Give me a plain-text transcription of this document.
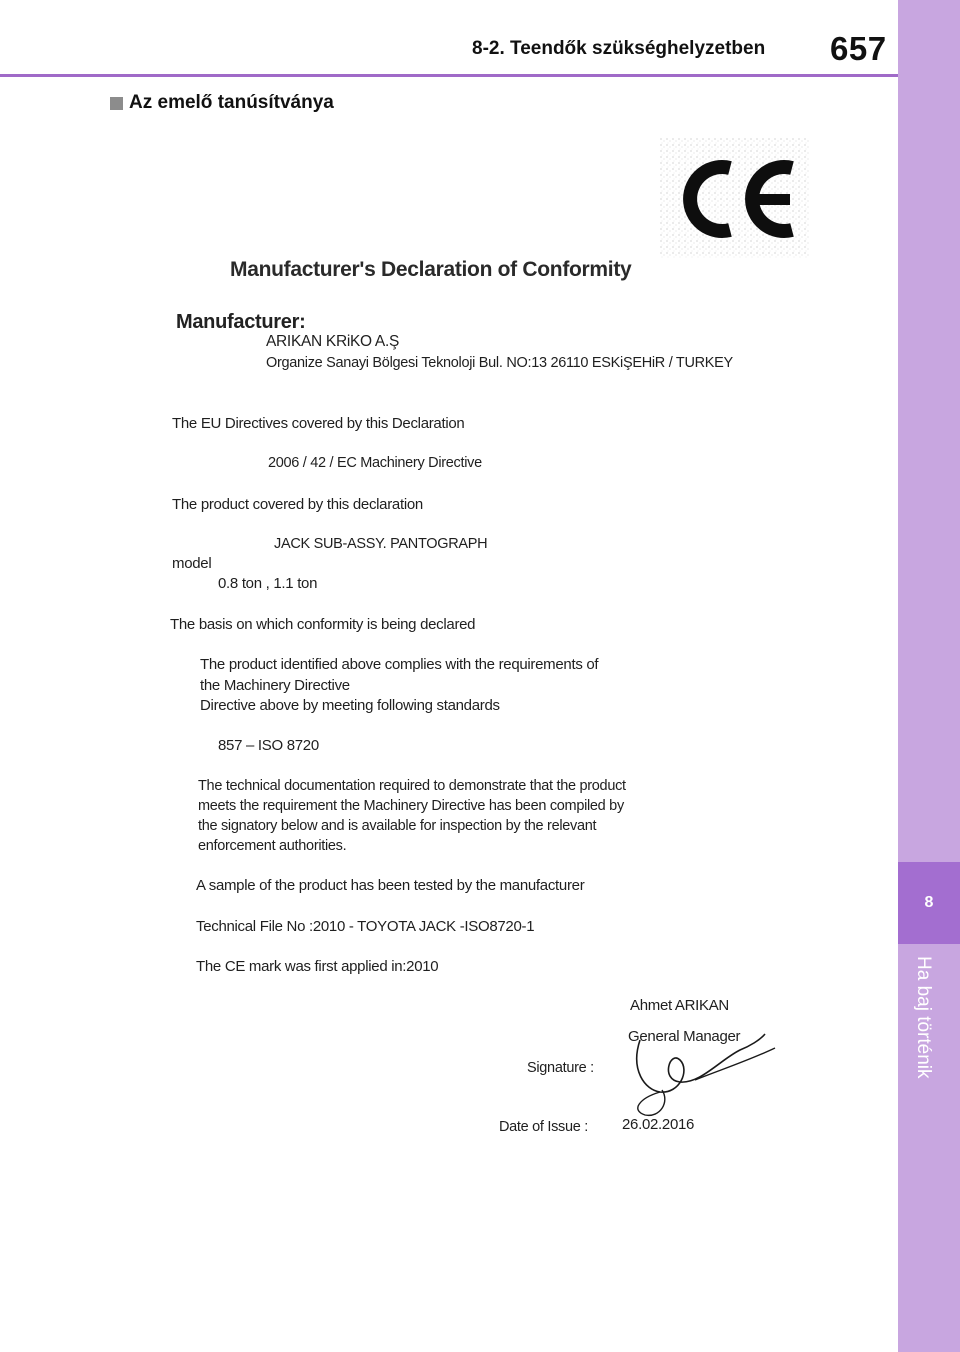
8-2. Teendők szükséghelyzetben 657
8
Ha baj történik
Az emelő tanúsítványa
Manufacturer's Declaration of Conformity
Manufacturer:
ARIKAN KRiKO A.Ş
Organize Sanayi Bölgesi Teknoloji Bul. NO:13 26110 ESKiŞEHiR / TURKEY
The EU Directives covered by this Declaration
2006 / 42 / EC Machinery Directive
The product covered by this declaration
JACK SUB-ASSY. PANTOGRAPH
model
0.8 ton , 1.1 ton
The basis on which conformity is being declared
The product identified above complies with the requirements of
the Machinery Directive
Directive above by meeting following standards
857 – ISO 8720
The technical documentation required to demonstrate that the product
meets the requirement the Machinery Directive has been compiled by
the signatory below and is available for inspection by the relevant
enforcement authorities.
A sample of the product has been tested by the manufacturer
Technical File No :2010 - TOYOTA JACK -ISO8720-1
The CE mark was first applied in:2010
Ahmet ARIKAN
General Manager
Signature :
Date of Issue : 26.02.2016
